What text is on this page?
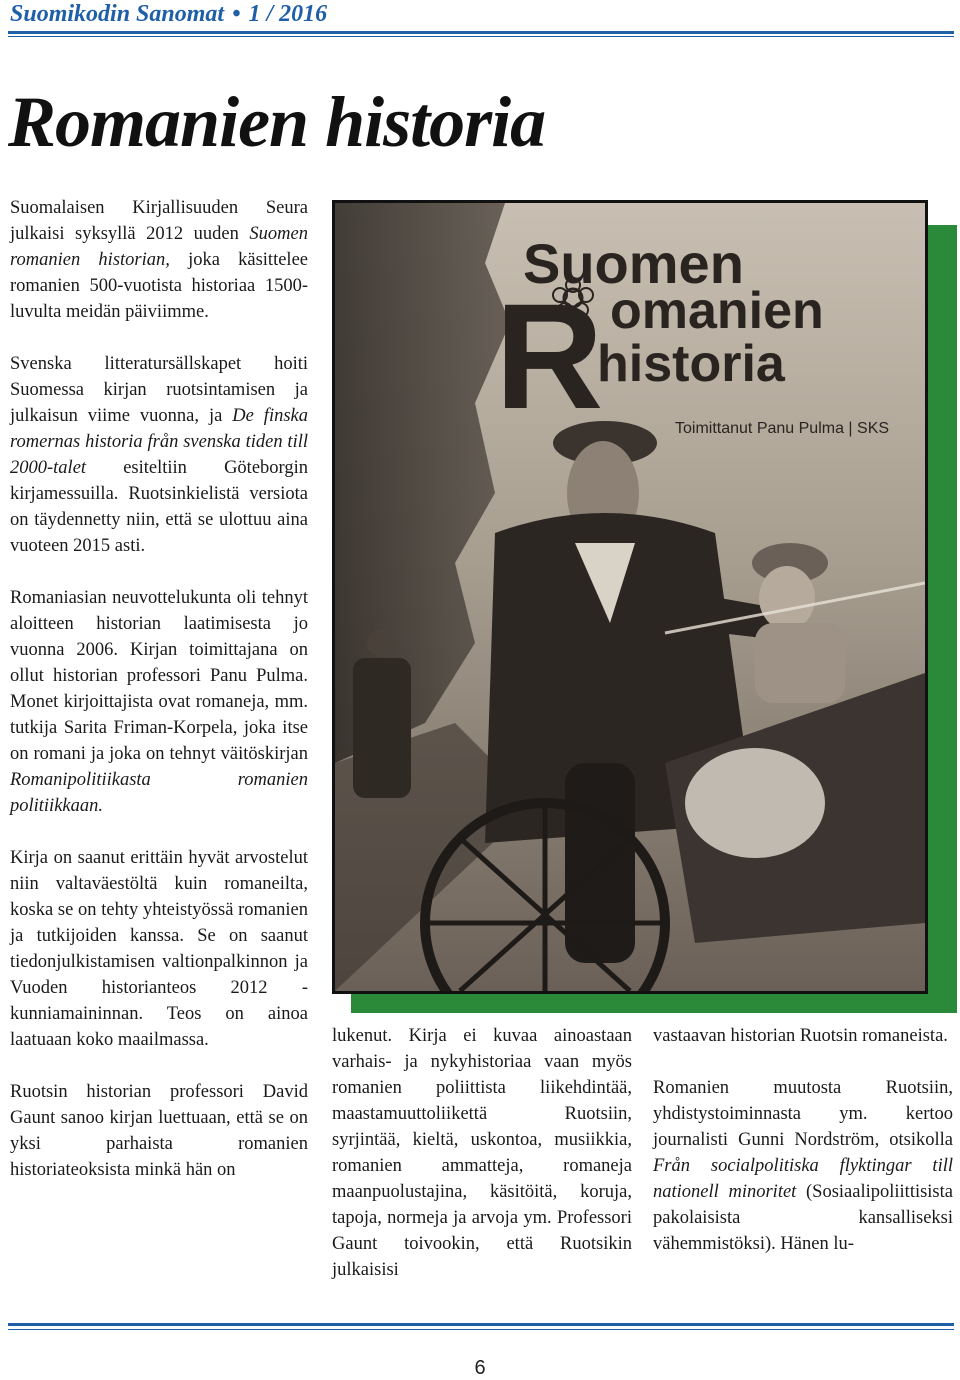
Suomikodin Sanomat • 1 / 2016
Romanien historia

Suomalaisen Kirjallisuuden Seura julkaisi syksyllä 2012 uuden Suomen romanien historian, joka käsittelee romanien 500-vuotista historiaa 1500-luvulta meidän päiviimme.

Svenska litteratursällskapet hoiti Suomessa kirjan ruotsintamisen ja julkaisun viime vuonna, ja De finska romernas historia från svenska tiden till 2000-talet esiteltiin Göteborgin kirjamessuilla. Ruotsinkielistä versiota on täydennetty niin, että se ulottuu aina vuoteen 2015 asti.

Romaniasian neuvottelukunta oli tehnyt aloitteen historian laatimisesta jo vuonna 2006. Kirjan toimittajana on ollut historian professori Panu Pulma. Monet kirjoittajista ovat romaneja, mm. tutkija Sarita Friman-Korpela, joka itse on romani ja joka on tehnyt väitöskirjan Romanipolitiikasta romanien politiikkaan.

Kirja on saanut erittäin hyvät arvostelut niin valtaväestöltä kuin romaneilta, koska se on tehty yhteistyössä romanien ja tutkijoiden kanssa. Se on saanut tiedonjulkistamisen valtionpalkinnon ja Vuoden historianteos 2012 -kunniamaininnan. Teos on ainoa laatuaan koko maailmassa.

Ruotsin historian professori David Gaunt sanoo kirjan luettuaan, että se on yksi parhaista romanien historiateoksista minkä hän on

Suomen
R omanien
historia
Toimittanut Panu Pulma | SKS

lukenut. Kirja ei kuvaa ainoastaan varhais- ja nykyhistoriaa vaan myös romanien poliittista liikehdintää, maastamuuttoliikettä Ruotsiin, syrjintää, kieltä, uskontoa, musiikkia, romanien ammatteja, romaneja maanpuolustajina, käsitöitä, koruja, tapoja, normeja ja arvoja ym. Professori Gaunt toivookin, että Ruotsikin julkaisisi

vastaavan historian Ruotsin romaneista.

Romanien muutosta Ruotsiin, yhdistystoiminnasta ym. kertoo journalisti Gunni Nordström, otsikolla Från socialpolitiska flyktingar till nationell minoritet (Sosiaalipoliittisista pakolaisista kansalliseksi vähemmistöksi). Hänen lu-

6
